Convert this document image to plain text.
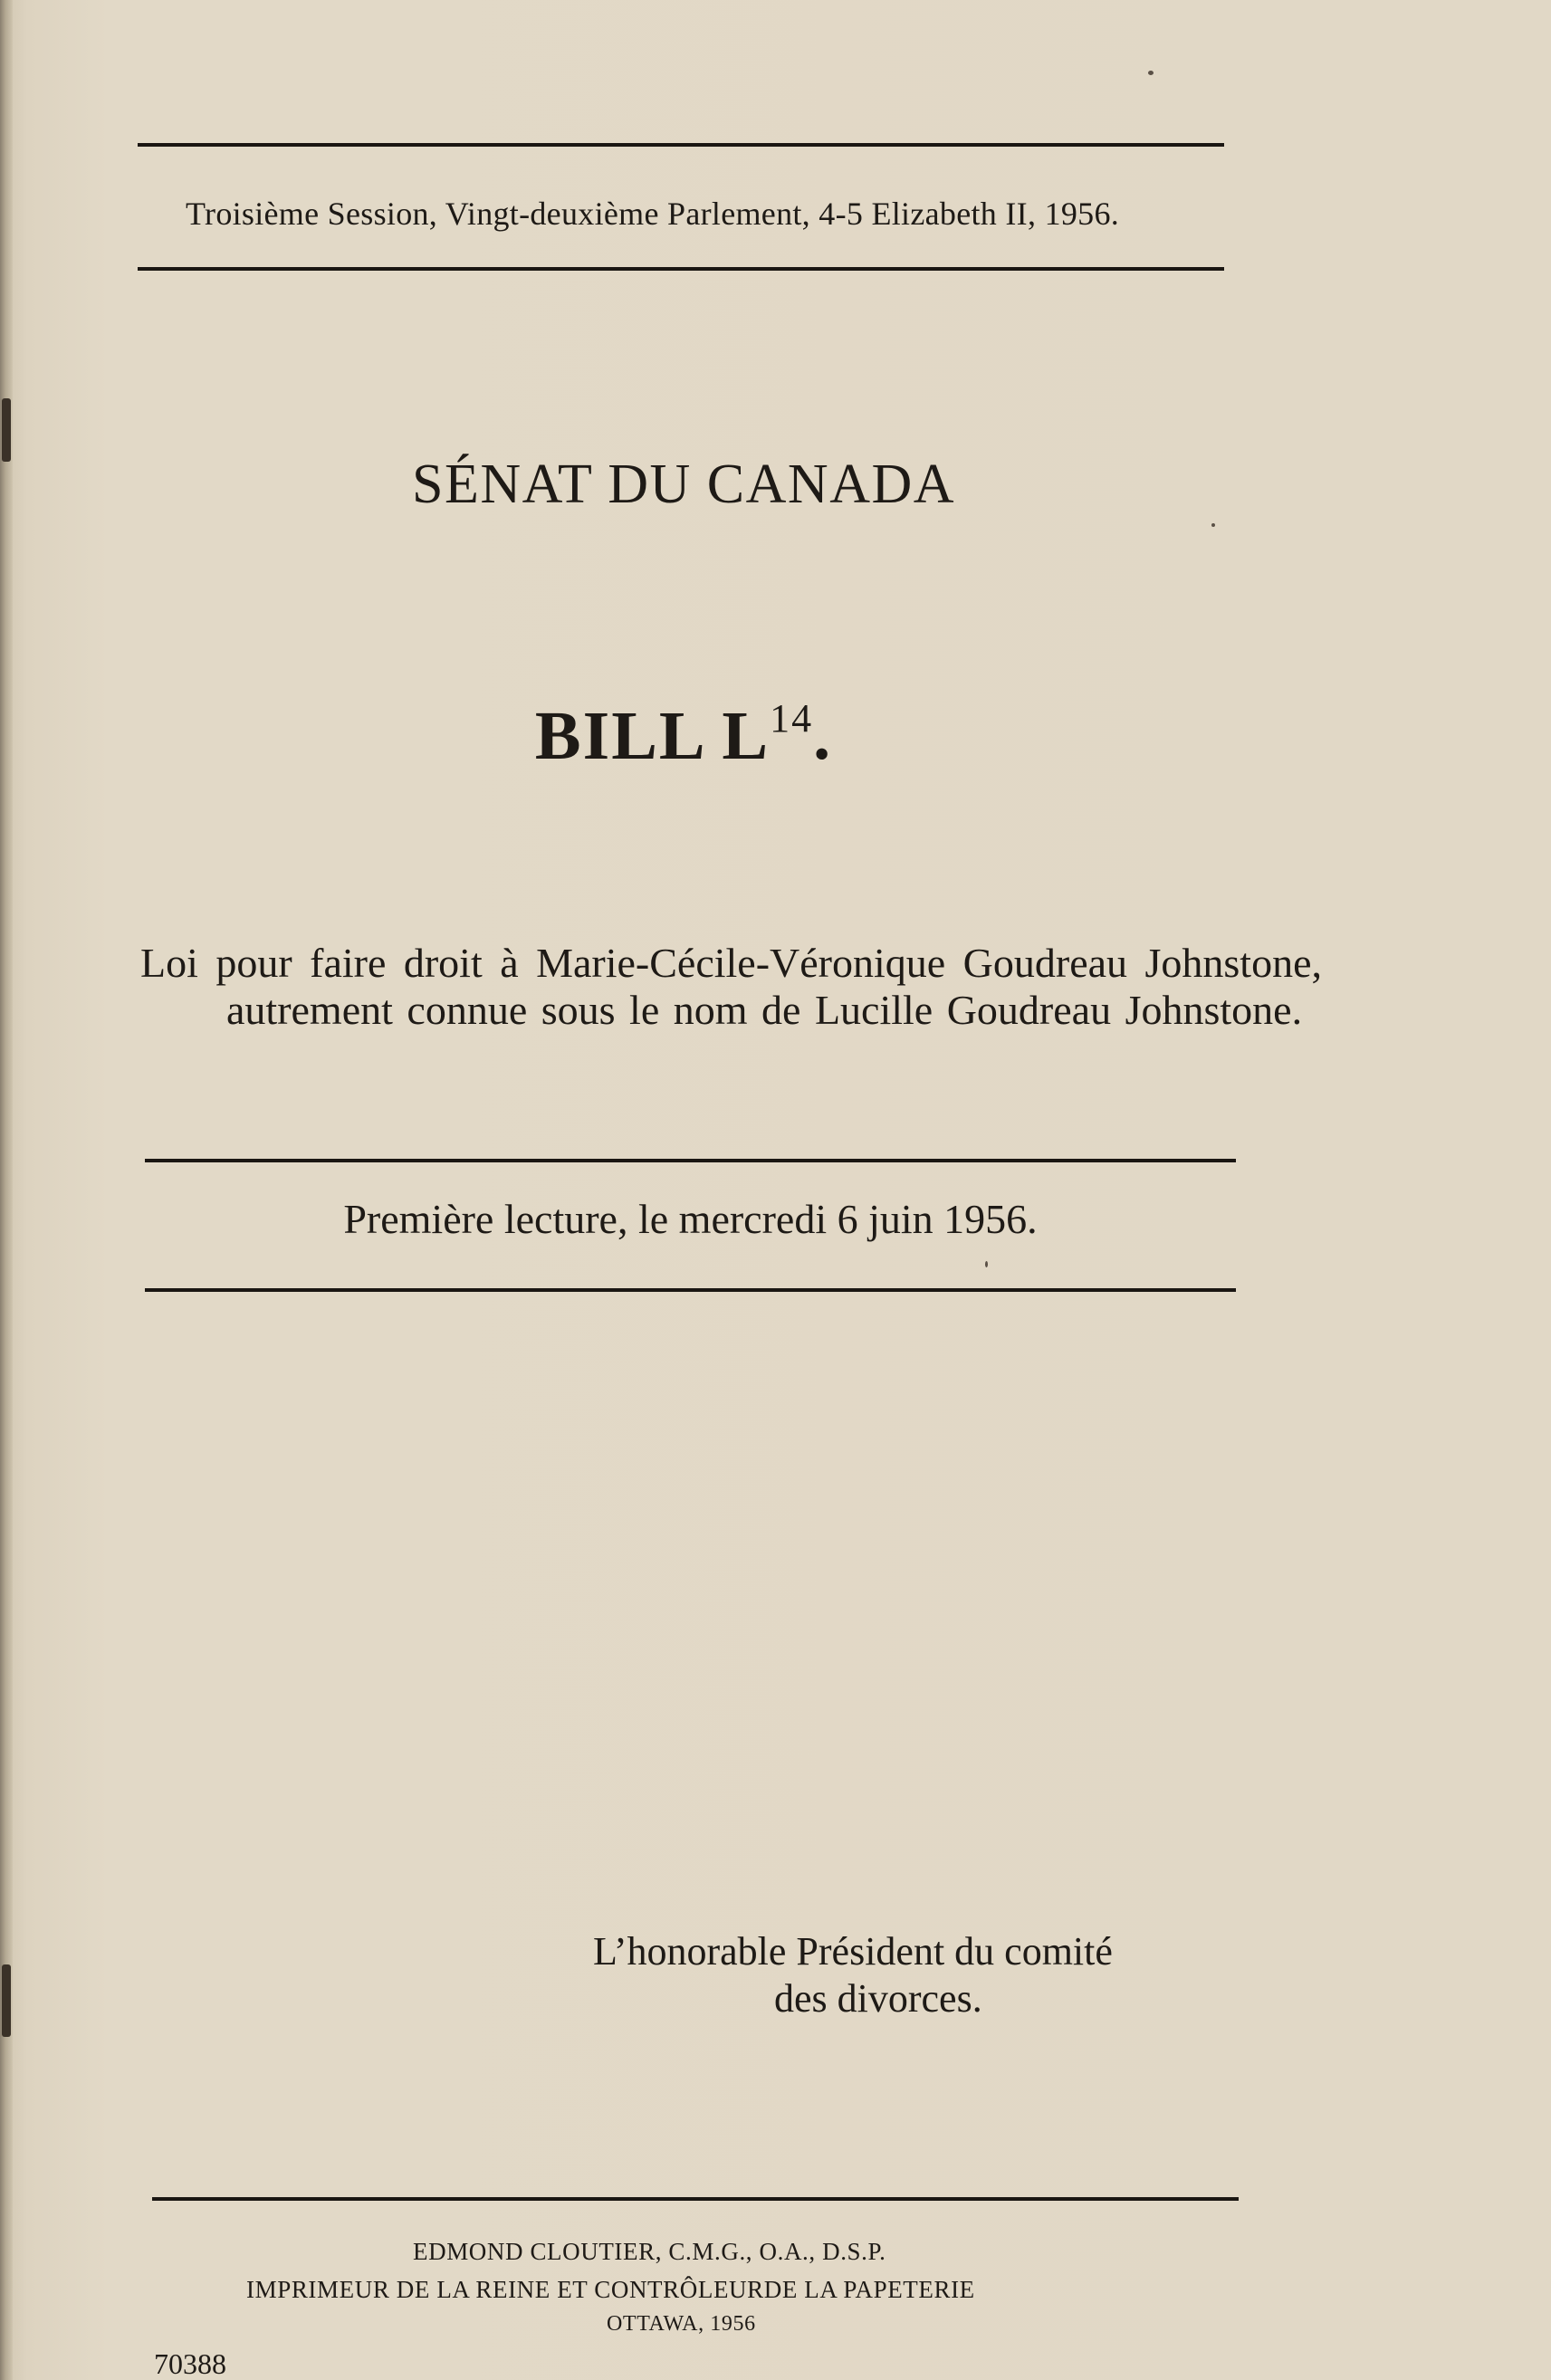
Troisième Session, Vingt-deuxième Parlement, 4-5 Elizabeth II, 1956.
SÉNAT DU CANADA
BILL $L^{14}$.
Loi pour faire droit à Marie-Cécile-Véronique Goudreau Johnstone, autrement connue sous le nom de Lucille Goudreau Johnstone.
Première lecture, le mercredi 6 juin 1956.
L’honorable Président du comité
des divorces.
EDMOND CLOUTIER, C.M.G., O.A., D.S.P.
IMPRIMEUR DE LA REINE ET CONTRÔLEURDE LA PAPETERIE
OTTAWA, 1956
70388
